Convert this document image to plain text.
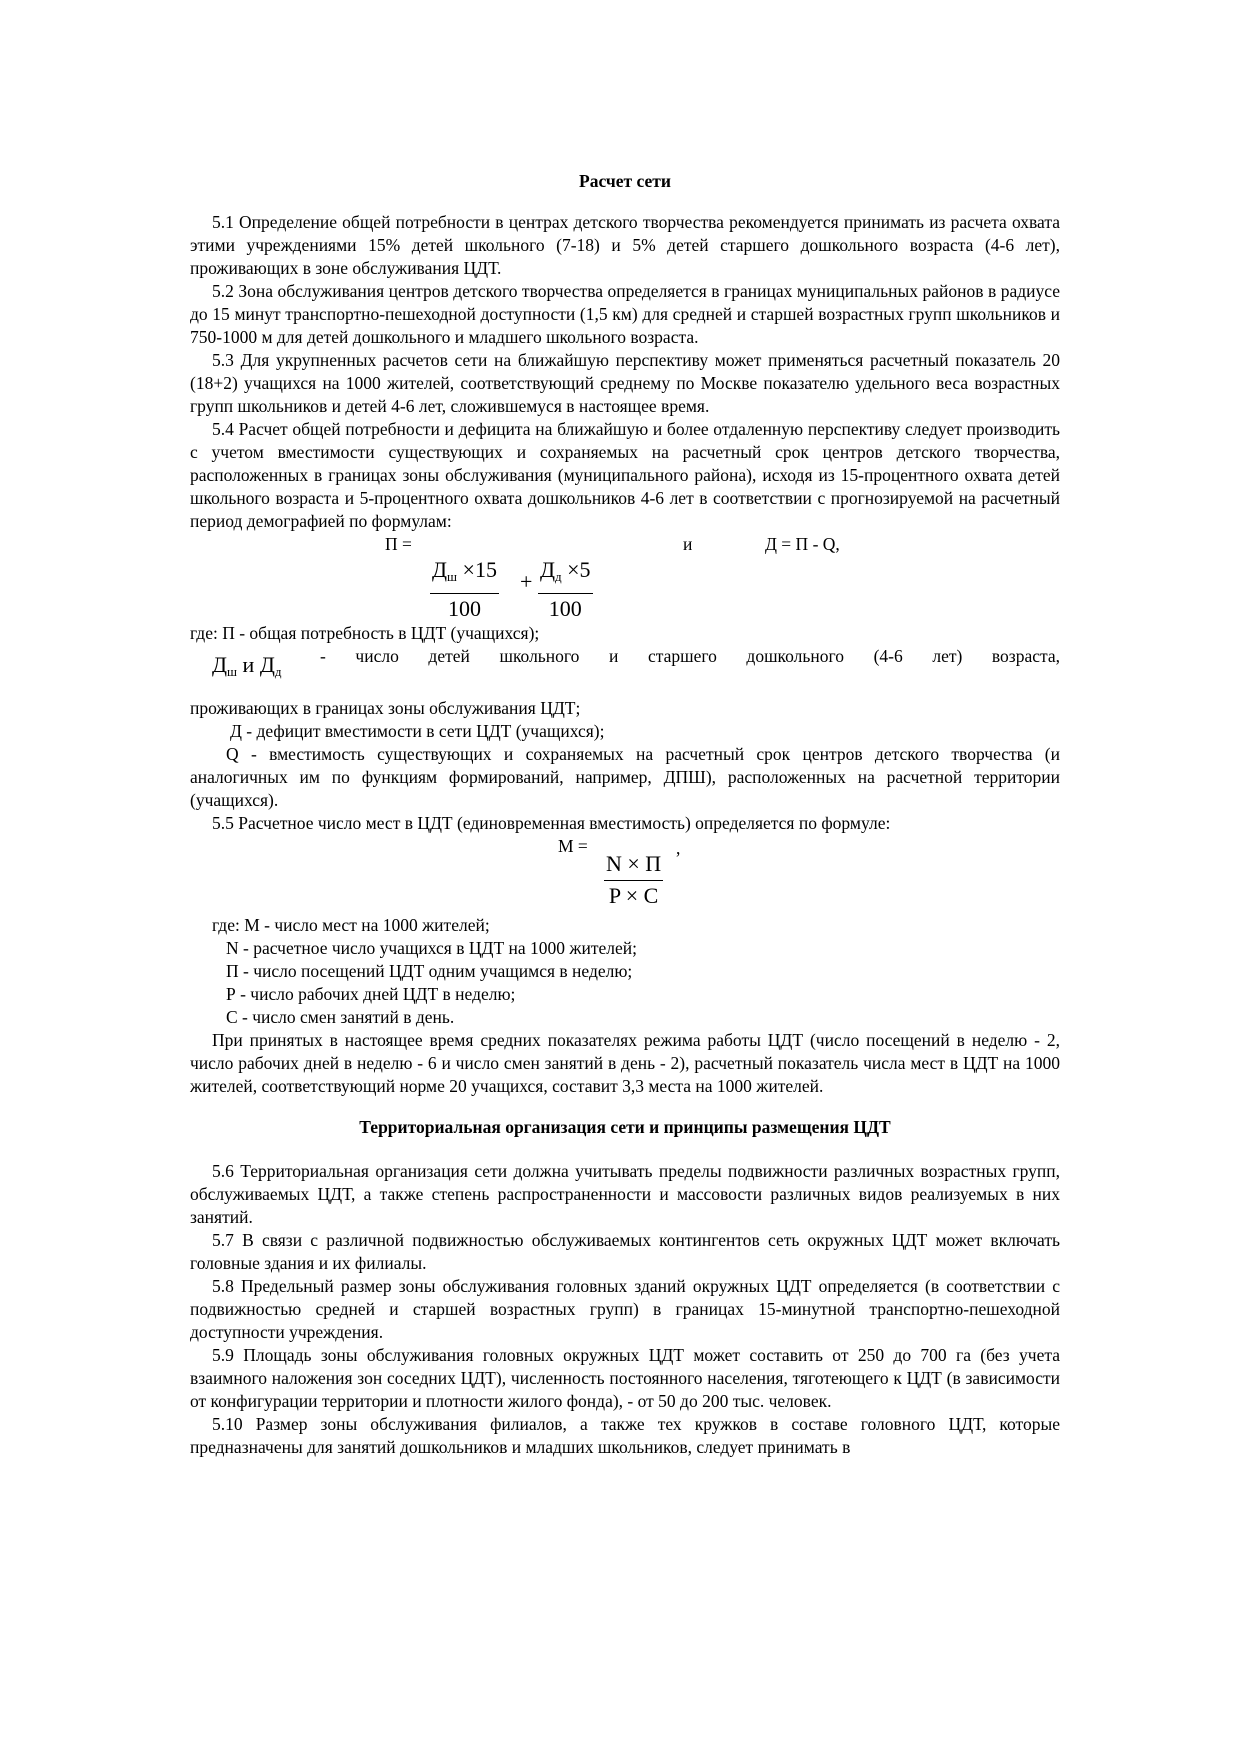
Расчет сети

5.1 Определение общей потребности в центрах детского творчества рекомендуется принимать из расчета охвата этими учреждениями 15% детей школьного (7-18) и 5% детей старшего дошкольного возраста (4-6 лет), проживающих в зоне обслуживания ЦДТ.

5.2 Зона обслуживания центров детского творчества определяется в границах муниципальных районов в радиусе до 15 минут транспортно-пешеходной доступности (1,5 км) для средней и старшей возрастных групп школьников и 750-1000 м для детей дошкольного и младшего школьного возраста.

5.3 Для укрупненных расчетов сети на ближайшую перспективу может применяться расчетный показатель 20 (18+2) учащихся на 1000 жителей, соответствующий среднему по Москве показателю удельного веса возрастных групп школьников и детей 4-6 лет, сложившемуся в настоящее время.

5.4 Расчет общей потребности и дефицита на ближайшую и более отдаленную перспективу следует производить с учетом вместимости существующих и сохраняемых на расчетный срок центров детского творчества, расположенных в границах зоны обслуживания (муниципального района), исходя из 15-процентного охвата детей школьного возраста и 5-процентного охвата дошкольников 4-6 лет в соответствии с прогнозируемой на расчетный период демографией по формулам:

П =	и	Д = П - Q,
$Д_ш \times 15$
100
+ $Д_д \times 5$
100

где: П - общая потребность в ЦДТ (учащихся);

$Д_ш$ и $Д_д$
- число детей школьного и старшего дошкольного (4-6 лет) возраста,

проживающих в границах зоны обслуживания ЦДТ;

Д - дефицит вместимости в сети ЦДТ (учащихся);

Q - вместимость существующих и сохраняемых на расчетный срок центров детского творчества (и аналогичных им по функциям формирований, например, ДПШ), расположенных на расчетной территории (учащихся).

5.5 Расчетное число мест в ЦДТ (единовременная вместимость) определяется по формуле:

М =	,
N × П
P × C

где: М - число мест на 1000 жителей;

N - расчетное число учащихся в ЦДТ на 1000 жителей;

П - число посещений ЦДТ одним учащимся в неделю;

Р - число рабочих дней ЦДТ в неделю;

С - число смен занятий в день.

При принятых в настоящее время средних показателях режима работы ЦДТ (число посещений в неделю - 2, число рабочих дней в неделю - 6 и число смен занятий в день - 2), расчетный показатель числа мест в ЦДТ на 1000 жителей, соответствующий норме 20 учащихся, составит 3,3 места на 1000 жителей.

Территориальная организация сети и принципы размещения ЦДТ

5.6 Территориальная организация сети должна учитывать пределы подвижности различных возрастных групп, обслуживаемых ЦДТ, а также степень распространенности и массовости различных видов реализуемых в них занятий.

5.7 В связи с различной подвижностью обслуживаемых контингентов сеть окружных ЦДТ может включать головные здания и их филиалы.

5.8 Предельный размер зоны обслуживания головных зданий окружных ЦДТ определяется (в соответствии с подвижностью средней и старшей возрастных групп) в границах 15-минутной транспортно-пешеходной доступности учреждения.

5.9 Площадь зоны обслуживания головных окружных ЦДТ может составить от 250 до 700 га (без учета взаимного наложения зон соседних ЦДТ), численность постоянного населения, тяготеющего к ЦДТ (в зависимости от конфигурации территории и плотности жилого фонда), - от 50 до 200 тыс. человек.

5.10 Размер зоны обслуживания филиалов, а также тех кружков в составе головного ЦДТ, которые предназначены для занятий дошкольников и младших школьников, следует принимать в
